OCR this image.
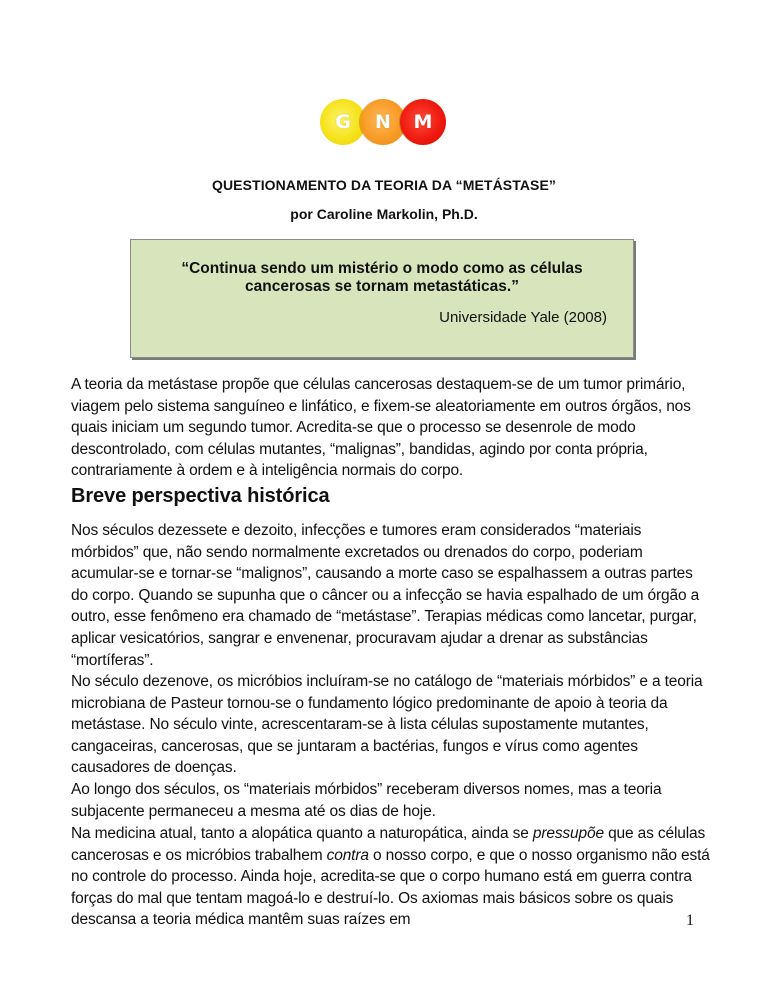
G N M
QUESTIONAMENTO DA TEORIA DA “METÁSTASE”
por Caroline Markolin, Ph.D.
“Continua sendo um mistério o modo como as células
cancerosas se tornam metastáticas.”
Universidade Yale (2008)

A teoria da metástase propõe que células cancerosas destaquem-se de um tumor primário, viagem pelo sistema sanguíneo e linfático, e fixem-se aleatoriamente em outros órgãos, nos quais iniciam um segundo tumor. Acredita-se que o processo se desenrole de modo descontrolado, com células mutantes, “malignas”, bandidas, agindo por conta própria, contrariamente à ordem e à inteligência normais do corpo.

Breve perspectiva histórica

Nos séculos dezessete e dezoito, infecções e tumores eram considerados “materiais mórbidos” que, não sendo normalmente excretados ou drenados do corpo, poderiam acumular-se e tornar-se “malignos”, causando a morte caso se espalhassem a outras partes do corpo. Quando se supunha que o câncer ou a infecção se havia espalhado de um órgão a outro, esse fenômeno era chamado de “metástase”. Terapias médicas como lancetar, purgar, aplicar vesicatórios, sangrar e envenenar, procuravam ajudar a drenar as substâncias “mortíferas”.

No século dezenove, os micróbios incluíram-se no catálogo de “materiais mórbidos” e a teoria microbiana de Pasteur tornou-se o fundamento lógico predominante de apoio à teoria da metástase. No século vinte, acrescentaram-se à lista células supostamente mutantes, cangaceiras, cancerosas, que se juntaram a bactérias, fungos e vírus como agentes causadores de doenças.

Ao longo dos séculos, os “materiais mórbidos” receberam diversos nomes, mas a teoria subjacente permaneceu a mesma até os dias de hoje.

Na medicina atual, tanto a alopática quanto a naturopática, ainda se pressupõe que as células cancerosas e os micróbios trabalhem contra o nosso corpo, e que o nosso organismo não está no controle do processo. Ainda hoje, acredita-se que o corpo humano está em guerra contra forças do mal que tentam magoá-lo e destruí-lo. Os axiomas mais básicos sobre os quais descansa a teoria médica mantêm suas raízes em	1
